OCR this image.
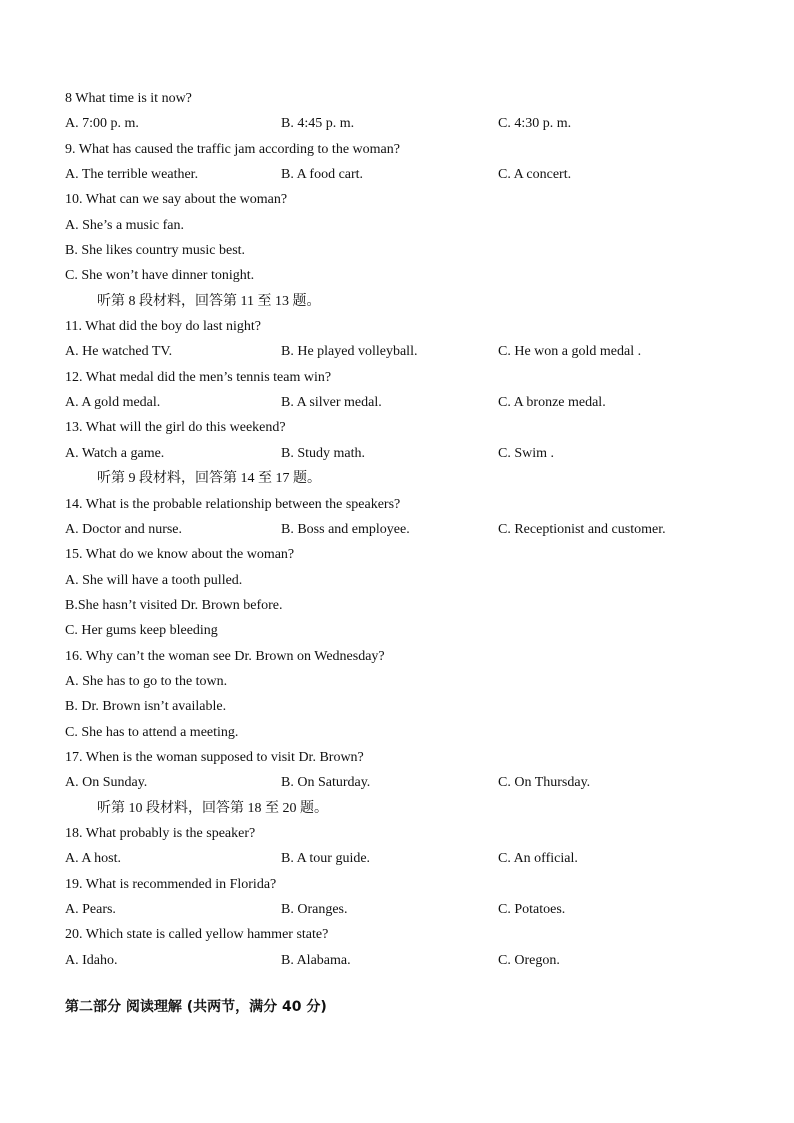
8 What time is it now?
A. 7:00 p. m.	B. 4:45 p. m.	C. 4:30 p. m.
9. What has caused the traffic jam according to the woman?
A. The terrible weather.	B. A food cart.	C. A concert.
10. What can we say about the woman?
A. She’s a music fan.
B. She likes country music best.
C. She won’t have dinner tonight.
听第 8 段材料，回答第 11 至 13 题。
11. What did the boy do last night?
A. He watched TV.	B. He played volleyball.	C. He won a gold medal .
12. What medal did the men’s tennis team win?
A. A gold medal.	B. A silver medal.	C. A bronze medal.
13. What will the girl do this weekend?
A. Watch a game.	B. Study math.	C. Swim .
听第 9 段材料，回答第 14 至 17 题。
14. What is the probable relationship between the speakers?
A. Doctor and nurse.	B. Boss and employee.	C. Receptionist and customer.
15. What do we know about the woman?
A. She will have a tooth pulled.
B.She hasn’t visited Dr. Brown before.
C. Her gums keep bleeding
16. Why can’t the woman see Dr. Brown on Wednesday?
A. She has to go to the town.
B. Dr. Brown isn’t available.
C. She has to attend a meeting.
17. When is the woman supposed to visit Dr. Brown?
A. On Sunday.	B. On Saturday.	C. On Thursday.
听第 10 段材料，回答第 18 至 20 题。
18. What probably is the speaker?
A. A host.	B. A tour guide.	C. An official.
19. What is recommended in Florida?
A. Pears.	B. Oranges.	C. Potatoes.
20. Which state is called yellow hammer state?
A. Idaho.	B. Alabama.	C. Oregon.
第二部分 阅读理解 (共两节，满分 40 分)
